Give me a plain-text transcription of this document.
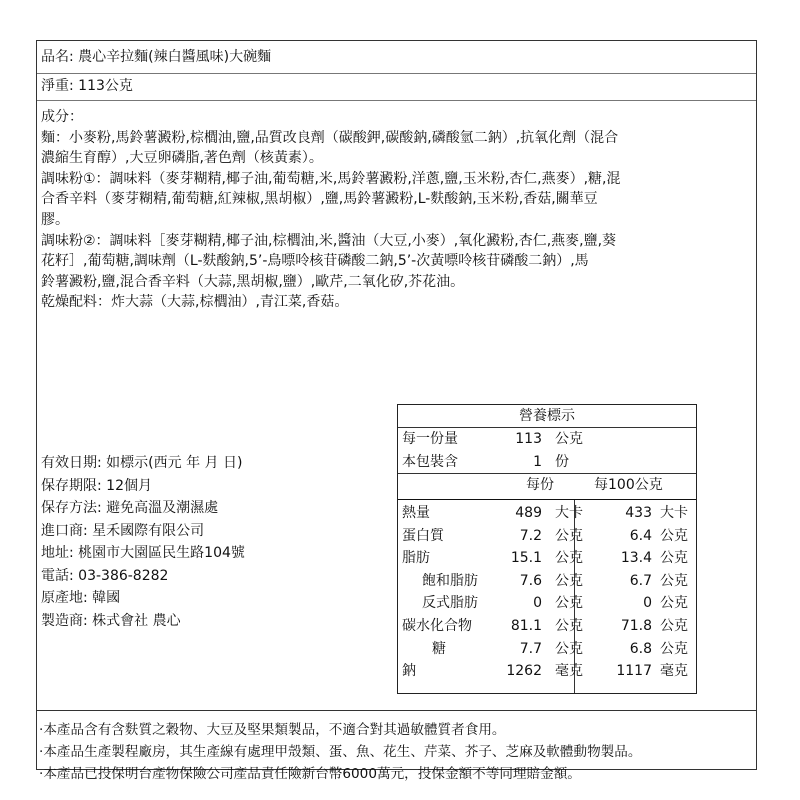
品名: 農心辛拉麵(辣白醬風味)大碗麵
淨重: 113公克
成分：
麵：小麥粉,馬鈴薯澱粉,棕櫚油,鹽,品質改良劑（碳酸鉀,碳酸鈉,磷酸氫二鈉）,抗氧化劑（混合
濃縮生育醇）,大豆卵磷脂,著色劑（核黃素）。
調味粉①：調味料（麥芽糊精,椰子油,葡萄糖,米,馬鈴薯澱粉,洋蔥,鹽,玉米粉,杏仁,燕麥）,糖,混
合香辛料（麥芽糊精,葡萄糖,紅辣椒,黑胡椒）,鹽,馬鈴薯澱粉,L-麩酸鈉,玉米粉,香菇,關華豆
膠。
調味粉②：調味料［麥芽糊精,椰子油,棕櫚油,米,醬油（大豆,小麥）,氧化澱粉,杏仁,燕麥,鹽,葵
花籽］,葡萄糖,調味劑（L-麩酸鈉,5’-鳥嘌呤核苷磷酸二鈉,5’-次黃嘌呤核苷磷酸二鈉）,馬
鈴薯澱粉,鹽,混合香辛料（大蒜,黑胡椒,鹽）,歐芹,二氧化矽,芥花油。
乾燥配料：炸大蒜（大蒜,棕櫚油）,青江菜,香菇。
有效日期: 如標示(西元 年 月 日)
保存期限: 12個月
保存方法: 避免高溫及潮濕處
進口商: 星禾國際有限公司
地址: 桃園市大園區民生路104號
電話: 03-386-8282
原產地: 韓國
製造商: 株式會社 農心
營養標示
每一份量	113 公克
本包裝含	1 份
每份	每100公克
熱量	489 大卡	433 大卡
蛋白質	7.2 公克	6.4 公克
脂肪	15.1 公克	13.4 公克
飽和脂肪	7.6 公克	6.7 公克
反式脂肪	0 公克	0 公克
碳水化合物	81.1 公克	71.8 公克
糖	7.7 公克	6.8 公克
鈉	1262 毫克 1117 毫克
·本產品含有含麩質之穀物、大豆及堅果類製品，不適合對其過敏體質者食用。
·本產品生產製程廠房，其生產線有處理甲殼類、蛋、魚、花生、芹菜、芥子、芝麻及軟體動物製品。
·本產品已投保明台產物保險公司產品責任險新台幣6000萬元，投保金額不等同理賠金額。
